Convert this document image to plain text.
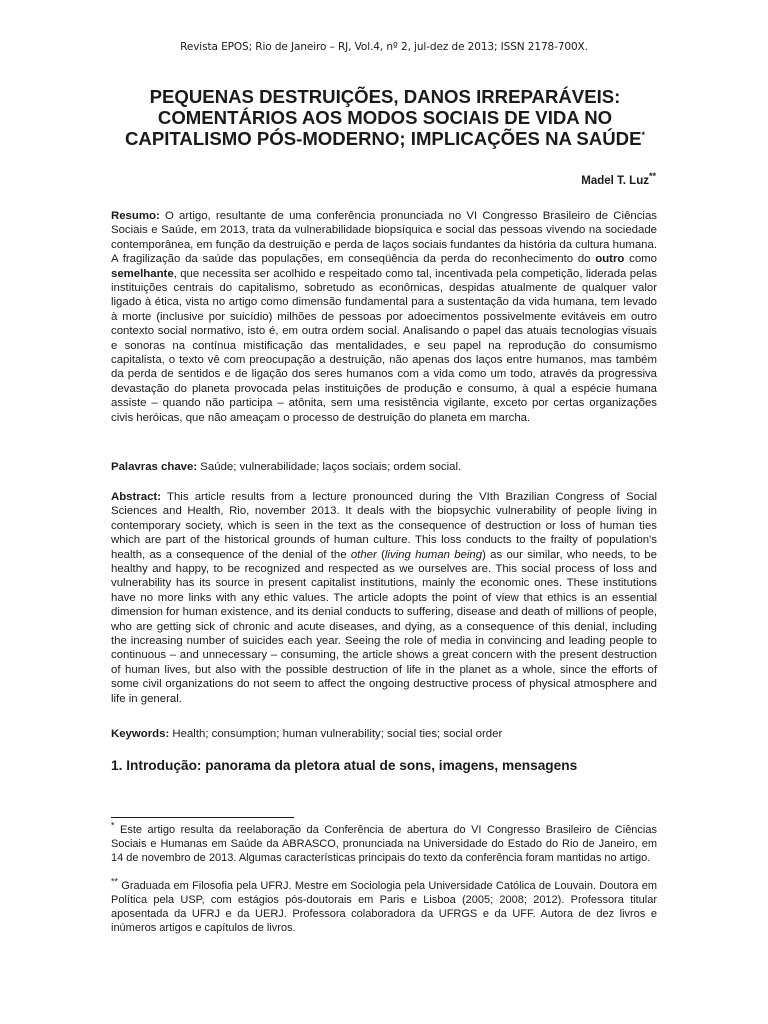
Revista EPOS; Rio de Janeiro – RJ, Vol.4, nº 2, jul-dez de 2013; ISSN 2178-700X.
PEQUENAS DESTRUIÇÕES, DANOS IRREPARÁVEIS: COMENTÁRIOS AOS MODOS SOCIAIS DE VIDA NO CAPITALISMO PÓS-MODERNO; IMPLICAÇÕES NA SAÚDE*
Madel T. Luz**

Resumo: O artigo, resultante de uma conferência pronunciada no VI Congresso Brasileiro de Ciências Sociais e Saúde, em 2013, trata da vulnerabilidade biopsíquica e social das pessoas vivendo na sociedade contemporânea, em função da destruição e perda de laços sociais fundantes da história da cultura humana. A fragilização da saúde das populações, em conseqüência da perda do reconhecimento do outro como semelhante, que necessita ser acolhido e respeitado como tal, incentivada pela competição, liderada pelas instituições centrais do capitalismo, sobretudo as econômicas, despidas atualmente de qualquer valor ligado à ética, vista no artigo como dimensão fundamental para a sustentação da vida humana, tem levado à morte (inclusive por suicídio) milhões de pessoas por adoecimentos possivelmente evitáveis em outro contexto social normativo, isto é, em outra ordem social. Analisando o papel das atuais tecnologias visuais e sonoras na contínua mistificação das mentalidades, e seu papel na reprodução do consumismo capitalista, o texto vê com preocupação a destruição, não apenas dos laços entre humanos, mas também da perda de sentidos e de ligação dos seres humanos com a vida como um todo, através da progressiva devastação do planeta provocada pelas instituições de produção e consumo, à qual a espécie humana assiste – quando não participa – atônita, sem uma resistência vigilante, exceto por certas organizações civis heróicas, que não ameaçam o processo de destruição do planeta em marcha.

Palavras chave: Saúde; vulnerabilidade; laços sociais; ordem social.

Abstract: This article results from a lecture pronounced during the VIth Brazilian Congress of Social Sciences and Health, Rio, november 2013. It deals with the biopsychic vulnerability of people living in contemporary society, which is seen in the text as the consequence of destruction or loss of human ties which are part of the historical grounds of human culture. This loss conducts to the frailty of population's health, as a consequence of the denial of the other (living human being) as our similar, who needs, to be healthy and happy, to be recognized and respected as we ourselves are. This social process of loss and vulnerability has its source in present capitalist institutions, mainly the economic ones. These institutions have no more links with any ethic values. The article adopts the point of view that ethics is an essential dimension for human existence, and its denial conducts to suffering, disease and death of millions of people, who are getting sick of chronic and acute diseases, and dying, as a consequence of this denial, including the increasing number of suicides each year. Seeing the role of media in convincing and leading people to continuous – and unnecessary – consuming, the article shows a great concern with the present destruction of human lives, but also with the possible destruction of life in the planet as a whole, since the efforts of some civil organizations do not seem to affect the ongoing destructive process of physical atmosphere and life in general.

Keywords: Health; consumption; human vulnerability; social ties; social order

1. Introdução: panorama da pletora atual de sons, imagens, mensagens

* Este artigo resulta da reelaboração da Conferência de abertura do VI Congresso Brasileiro de Ciências Sociais e Humanas em Saúde da ABRASCO, pronunciada na Universidade do Estado do Rio de Janeiro, em 14 de novembro de 2013. Algumas características principais do texto da conferência foram mantidas no artigo.

** Graduada em Filosofia pela UFRJ. Mestre em Sociologia pela Universidade Católica de Louvain. Doutora em Política pela USP, com estágios pós-doutorais em Paris e Lisboa (2005; 2008; 2012). Professora titular aposentada da UFRJ e da UERJ. Professora colaboradora da UFRGS e da UFF. Autora de dez livros e inúmeros artigos e capítulos de livros.
